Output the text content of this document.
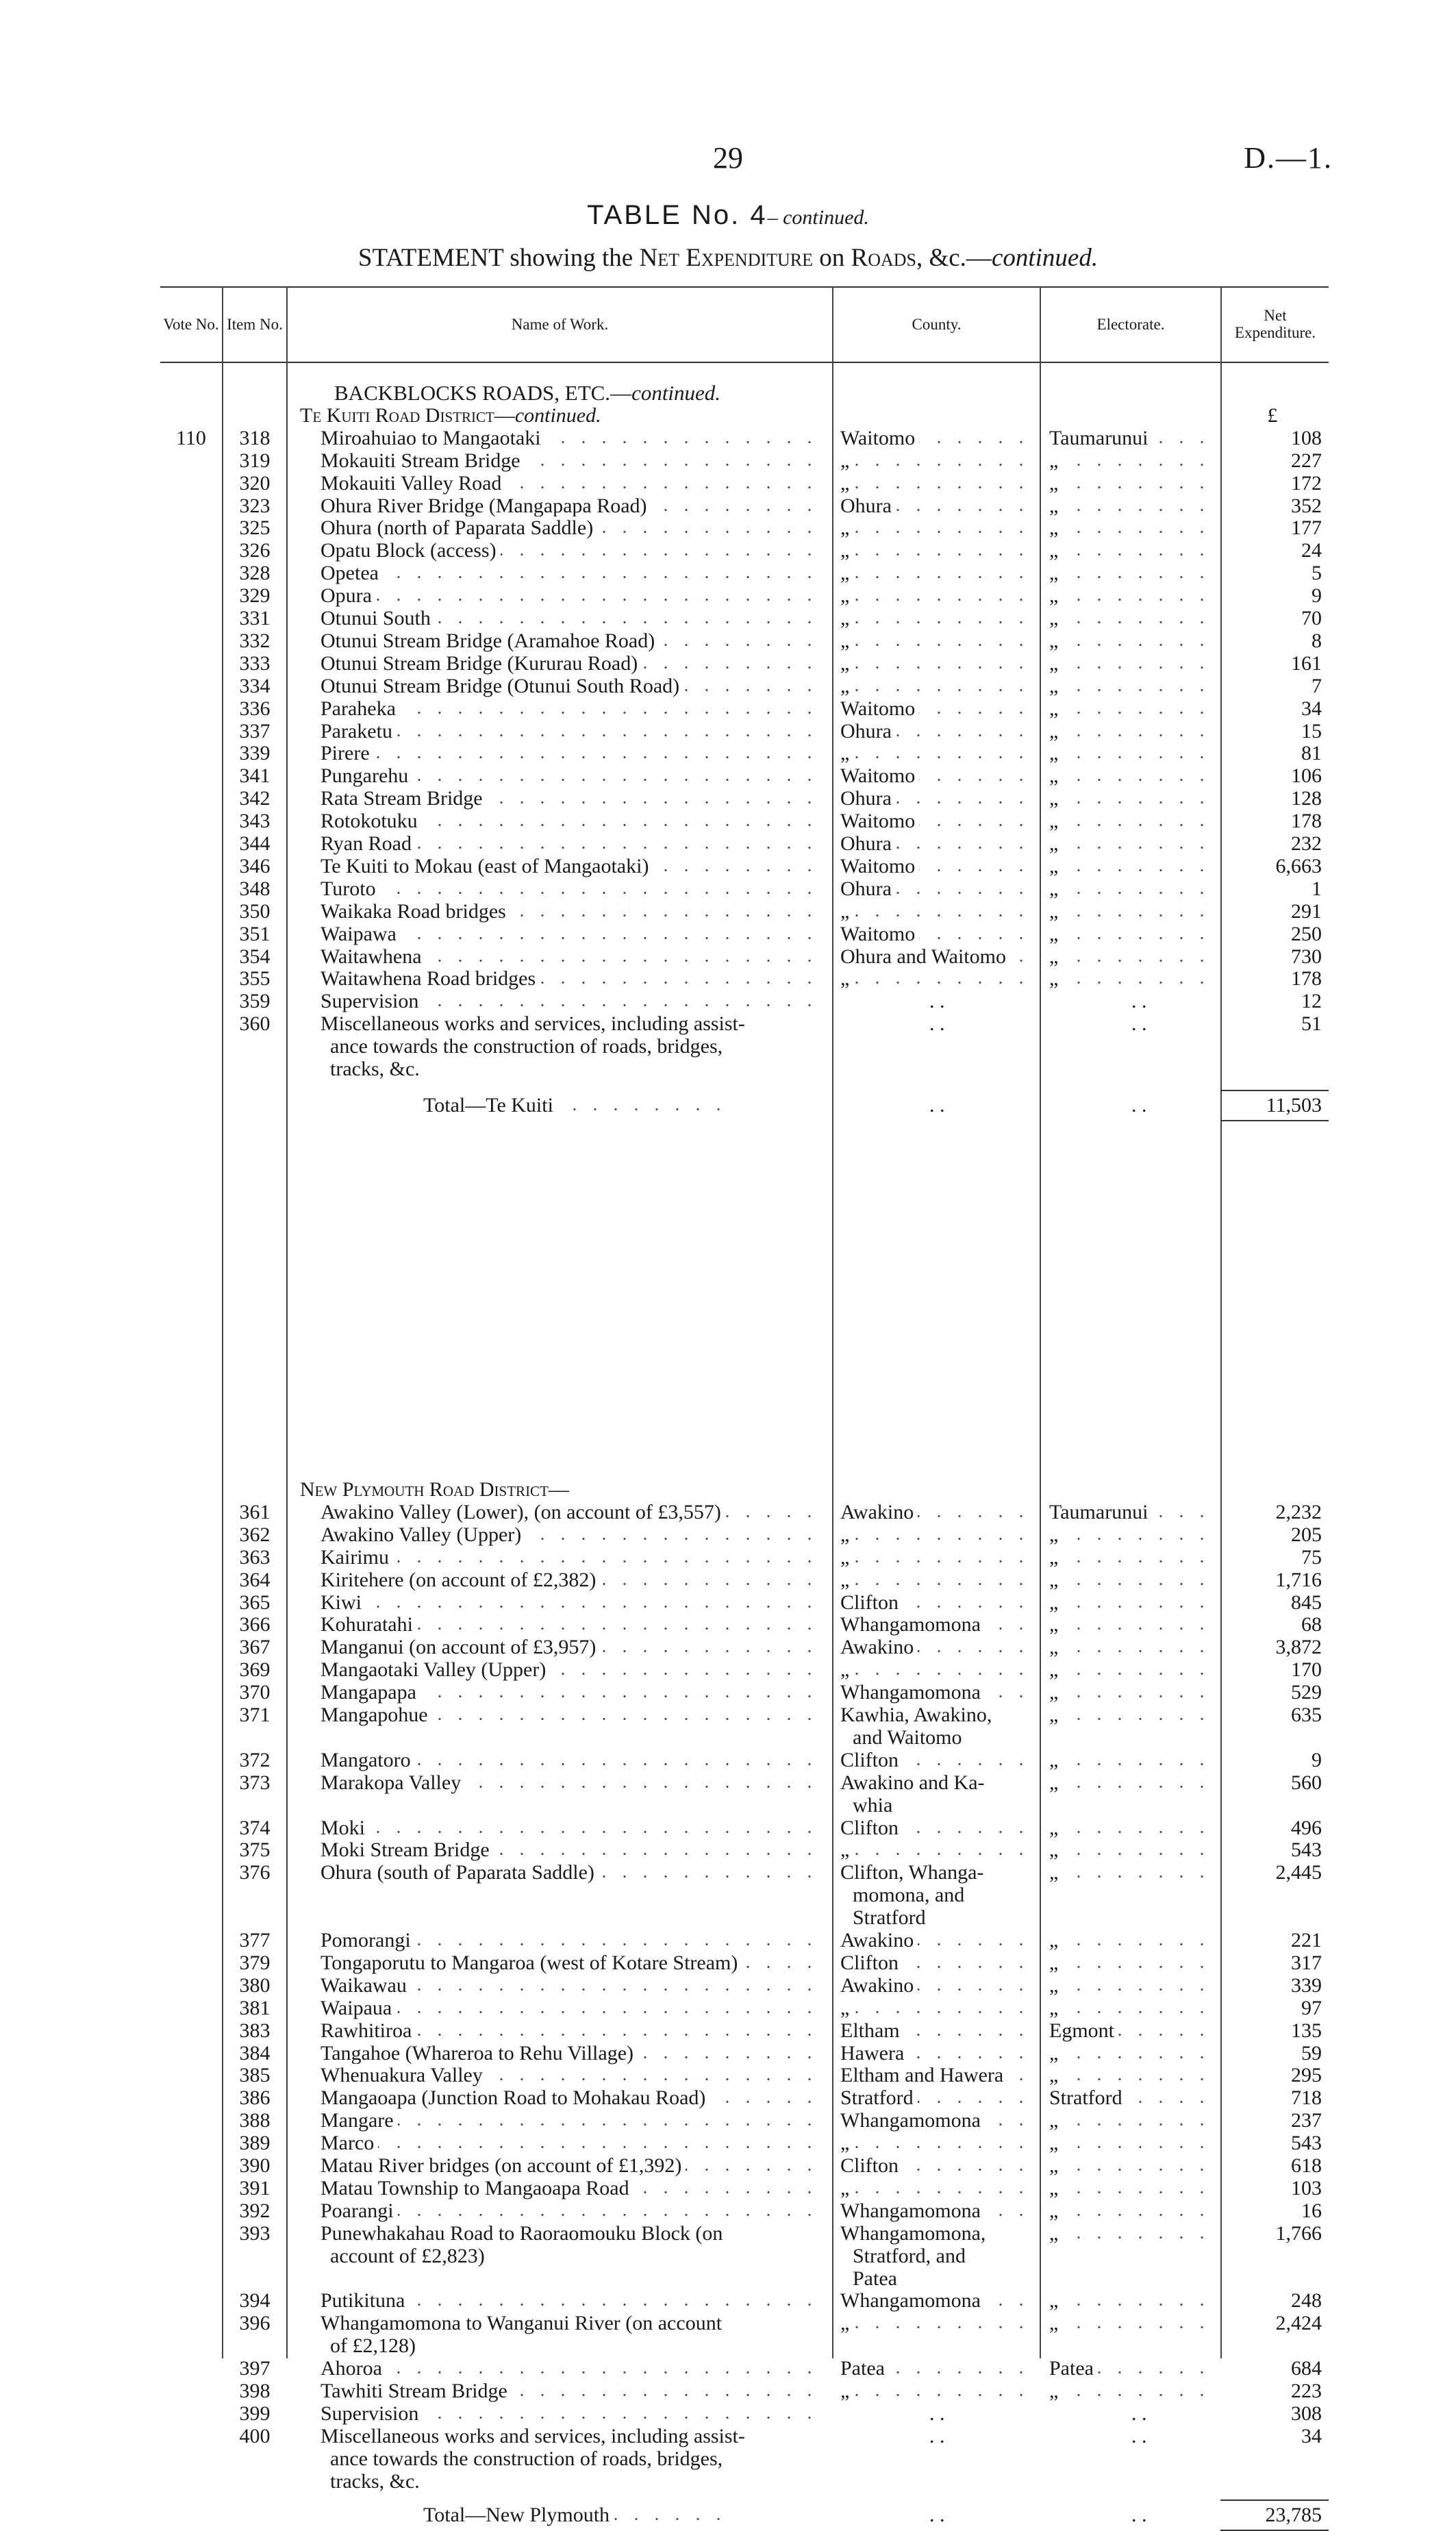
29	D.—1.
TABLE No. 4– continued.
STATEMENT showing the Net Expenditure on Roads, &c.—continued.
Vote No. Item No.	Name of Work.	County.	Electorate.	Net Expenditure.
BACKBLOCKS ROADS, ETC.—continued.
Te Kuiti Road District—continued.	£
110	318	Miroahuiao to Mangaotaki	Waitomo	Taumarunui	108
319	Mokauiti Stream Bridge	„	„	227
320	Mokauiti Valley Road	„	„	172
323	Ohura River Bridge (Mangapapa Road)	Ohura	„	352
325	Ohura (north of Paparata Saddle)	„	„	177
326	Opatu Block (access)	„	„	24
328	Opetea	„	„	5
329	Opura	„	„	9
331	Otunui South	„	„	70
332	Otunui Stream Bridge (Aramahoe Road)	„	„	8
333	Otunui Stream Bridge (Kururau Road)	„	„	161
334	Otunui Stream Bridge (Otunui South Road)	„	„	7
336	Paraheka	Waitomo	„	34
337	Paraketu	Ohura	„	15
339	Pirere	„	„	81
341	Pungarehu	Waitomo	„	106
342	Rata Stream Bridge	Ohura	„	128
343	Rotokotuku	Waitomo	„	178
344	Ryan Road	Ohura	„	232
346	Te Kuiti to Mokau (east of Mangaotaki)	Waitomo	„	6,663
348	Turoto	Ohura	„	1
350	Waikaka Road bridges	„	„	291
351	Waipawa	Waitomo	„	250
354	Waitawhena	Ohura and Waitomo	„	730
355	Waitawhena Road bridges	„	„	178
359	Supervision	. .	. .	12
360	Miscellaneous works and services, including assist-	. .	. .	51
ance towards the construction of roads, bridges,
tracks, &c.
Total—Te Kuiti	. .	. .	11,503
New Plymouth Road District—
361	Awakino Valley (Lower), (on account of £3,557)	Awakino	Taumarunui	2,232
362	Awakino Valley (Upper)	„	„	205
363	Kairimu	„	„	75
364	Kiritehere (on account of £2,382)	„	„	1,716
365	Kiwi	Clifton	„	845
366	Kohuratahi	Whangamomona	„	68
367	Manganui (on account of £3,957)	Awakino	„	3,872
369	Mangaotaki Valley (Upper)	„	„	170
370	Mangapapa	Whangamomona	„	529
371	Mangapohue	Kawhia, Awakino,	„	635
and Waitomo
372	Mangatoro	Clifton	„	9
373	Marakopa Valley	Awakino and Ka-	„	560
whia
374	Moki	Clifton	„	496
375	Moki Stream Bridge	„	„	543
376	Ohura (south of Paparata Saddle)	Clifton, Whanga-	„	2,445
momona, and
Stratford
377	Pomorangi	Awakino	„	221
379	Tongaporutu to Mangaroa (west of Kotare Stream)	Clifton	„	317
380	Waikawau	Awakino	„	339
381	Waipaua	„	„	97
383	Rawhitiroa	Eltham	Egmont	135
384	Tangahoe (Whareroa to Rehu Village)	Hawera	„	59
385	Whenuakura Valley	Eltham and Hawera	„	295
386	Mangaoapa (Junction Road to Mohakau Road)	Stratford	Stratford	718
388	Mangare	Whangamomona	„	237
389	Marco	„	„	543
390	Matau River bridges (on account of £1,392)	Clifton	„	618
391	Matau Township to Mangaoapa Road	„	„	103
392	Poarangi	Whangamomona	„	16
393	Punewhakahau Road to Raoraomouku Block (on	Whangamomona,	„	1,766
account of £2,823)	Stratford, and
Patea
394	Putikituna	Whangamomona	„	248
396	Whangamomona to Wanganui River (on account	„	„	2,424
of £2,128)
397	Ahoroa	Patea	Patea	684
398	Tawhiti Stream Bridge	„	„	223
399	Supervision	. .	. .	308
400	Miscellaneous works and services, including assist-	. .	. .	34
ance towards the construction of roads, bridges,
tracks, &c.
Total—New Plymouth	. .	. .	23,785
